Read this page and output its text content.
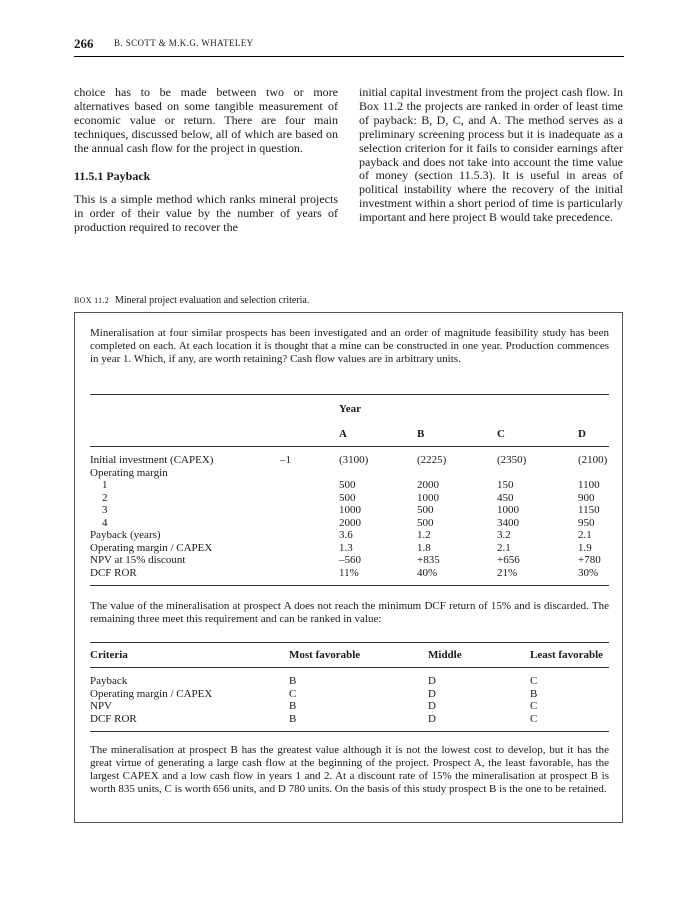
266 B. SCOTT & M.K.G. WHATELEY

choice has to be made between two or more alternatives based on some tangible measurement of economic value or return. There are four main techniques, discussed below, all of which are based on the annual cash flow for the project in question.

11.5.1 Payback

This is a simple method which ranks mineral projects in order of their value by the number of years of production required to recover the

initial capital investment from the project cash flow. In Box 11.2 the projects are ranked in order of least time of payback: B, D, C, and A. The method serves as a preliminary screening process but it is inadequate as a selection criterion for it fails to consider earnings after payback and does not take into account the time value of money (section 11.5.3). It is useful in areas of political instability where the recovery of the initial investment within a short period of time is particularly important and here project B would take precedence.

BOX 11.2 Mineral project evaluation and selection criteria.

Mineralisation at four similar prospects has been investigated and an order of magnitude feasibility study has been completed on each. At each location it is thought that a mine can be constructed in one year. Production commences in year 1. Which, if any, are worth retaining? Cash flow values are in arbitrary units.

Year
A	B	C	D
Initial investment (CAPEX)	–1	(3100)	(2225)	(2350)	(2100)
Operating margin
1	500	2000	150	1100
2	500	1000	450	900
3	1000	500	1000	1150
4	2000	500	3400	950
Payback (years)	3.6	1.2	3.2	2.1
Operating margin / CAPEX	1.3	1.8	2.1	1.9
NPV at 15% discount	–560	+835	+656	+780
DCF ROR	11%	40%	21%	30%

The value of the mineralisation at prospect A does not reach the minimum DCF return of 15% and is discarded. The remaining three meet this requirement and can be ranked in value:

Criteria	Most favorable	Middle	Least favorable
Payback	B	D	C
Operating margin / CAPEX	C	D	B
NPV	B	D	C
DCF ROR	B	D	C

The mineralisation at prospect B has the greatest value although it is not the lowest cost to develop, but it has the great virtue of generating a large cash flow at the beginning of the project. Prospect A, the least favorable, has the largest CAPEX and a low cash flow in years 1 and 2. At a discount rate of 15% the mineralisation at prospect B is worth 835 units, C is worth 656 units, and D 780 units. On the basis of this study prospect B is the one to be retained.
